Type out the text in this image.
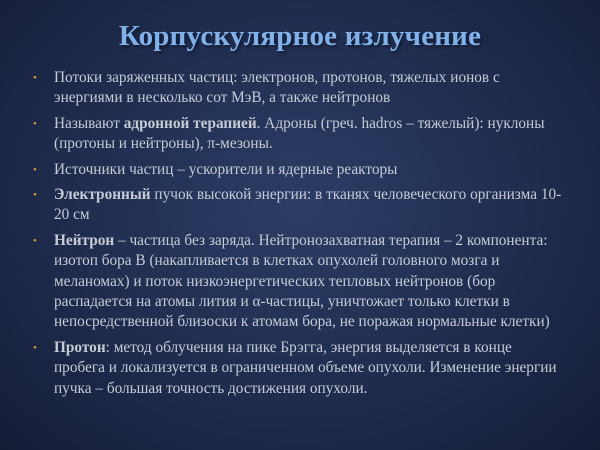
Корпускулярное излучение
• Потоки заряженных частиц: электронов, протонов, тяжелых ионов с энергиями в несколько сот МэВ, а также нейтронов
• Называют адронной терапией. Адроны (греч. hadros – тяжелый): нуклоны (протоны и нейтроны), π-мезоны.
• Источники частиц – ускорители и ядерные реакторы
• Электронный пучок высокой энергии: в тканях человеческого организма 10-20 см
• Нейтрон – частица без заряда. Нейтронозахватная терапия – 2 компонента: изотоп бора В (накапливается в клетках опухолей головного мозга и меланомах) и поток низкоэнергетических тепловых нейтронов (бор распадается на атомы лития и α-частицы, уничтожает только клетки в непосредственной близоски к атомам бора, не поражая нормальные клетки)
• Протон: метод облучения на пике Брэгга, энергия выделяется в конце пробега и локализуется в ограниченном объеме опухоли. Изменение энергии пучка – большая точность достижения опухоли.
